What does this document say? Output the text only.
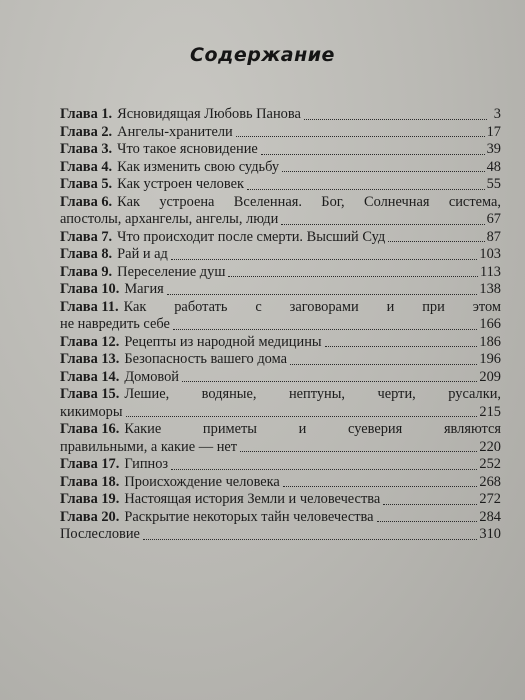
Содержание
Глава 1. Ясновидящая Любовь Панова	3
Глава 2. Ангелы-хранители	17
Глава 3. Что такое ясновидение	39
Глава 4. Как изменить свою судьбу	48
Глава 5. Как устроен человек	55
Глава 6. Как устроена Вселенная. Бог, Солнечная система,
апостолы, архангелы, ангелы, люди	67
Глава 7. Что происходит после смерти. Высший Суд	87
Глава 8. Рай и ад	103
Глава 9. Переселение душ	113
Глава 10. Магия	138
Глава 11. Как работать с заговорами и при этом
не навредить себе	166
Глава 12. Рецепты из народной медицины	186
Глава 13. Безопасность вашего дома	196
Глава 14. Домовой	209
Глава 15. Лешие, водяные, нептуны, черти, русалки,
кикиморы	215
Глава 16. Какие приметы и суеверия являются
правильными, а какие — нет	220
Глава 17. Гипноз	252
Глава 18. Происхождение человека	268
Глава 19. Настоящая история Земли и человечества	272
Глава 20. Раскрытие некоторых тайн человечества	284
Послесловие	310
